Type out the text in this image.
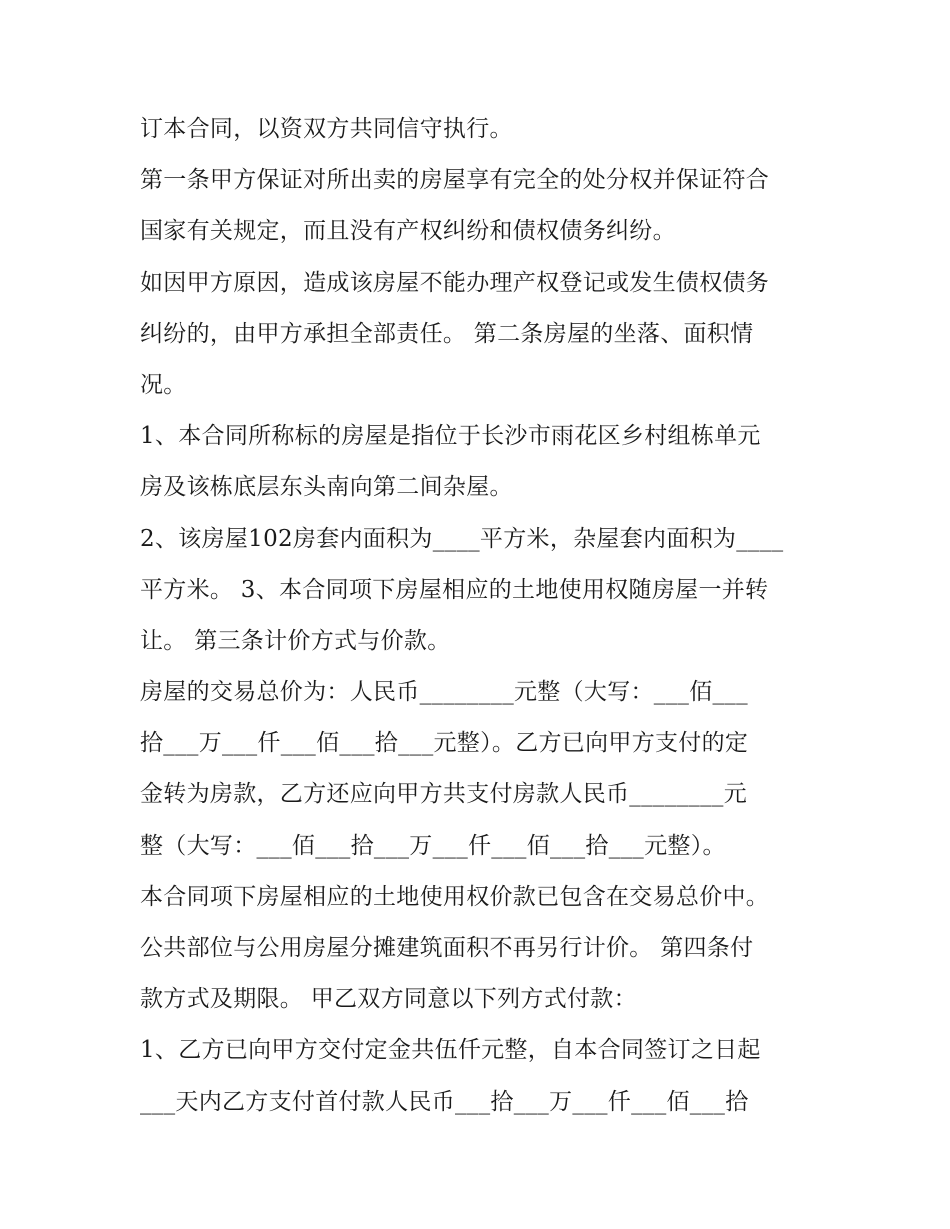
订本合同，以资双方共同信守执行。
第一条甲方保证对所出卖的房屋享有完全的处分权并保证符合
国家有关规定，而且没有产权纠纷和债权债务纠纷。
如因甲方原因，造成该房屋不能办理产权登记或发生债权债务
纠纷的，由甲方承担全部责任。 第二条房屋的坐落、面积情
况。
1、本合同所称标的房屋是指位于长沙市雨花区乡村组栋单元
房及该栋底层东头南向第二间杂屋。
2、该房屋102房套内面积为____平方米，杂屋套内面积为____
平方米。 3、本合同项下房屋相应的土地使用权随房屋一并转
让。 第三条计价方式与价款。
房屋的交易总价为：人民币________元整（大写：___佰___
拾___万___仟___佰___拾___元整）。乙方已向甲方支付的定
金转为房款，乙方还应向甲方共支付房款人民币________元
整（大写：___佰___拾___万___仟___佰___拾___元整）。
本合同项下房屋相应的土地使用权价款已包含在交易总价中。
公共部位与公用房屋分摊建筑面积不再另行计价。 第四条付
款方式及期限。 甲乙双方同意以下列方式付款：
1、乙方已向甲方交付定金共伍仟元整，自本合同签订之日起
___天内乙方支付首付款人民币___拾___万___仟___佰___拾
